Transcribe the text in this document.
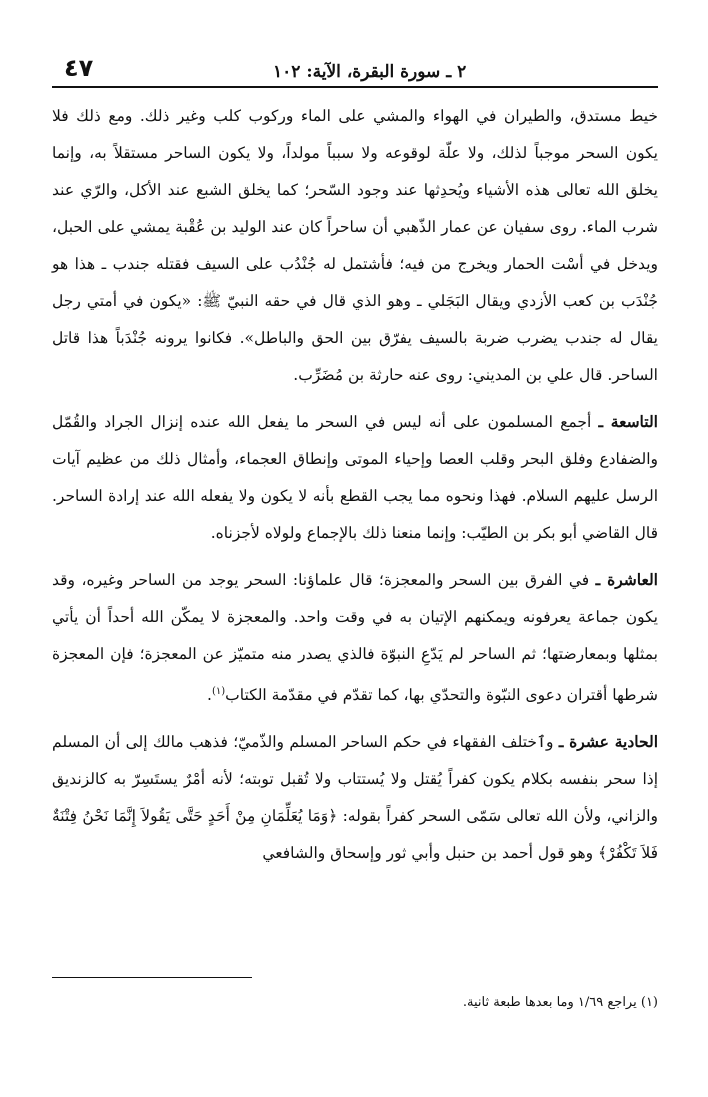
٢ ـ سورة البقرة، الآية: ١٠٢
٤٧

خيط مستدق، والطيران في الهواء والمشي على الماء وركوب كلب وغير ذلك. ومع ذلك فلا يكون السحر موجباً لذلك، ولا علّة لوقوعه ولا سبباً مولداً، ولا يكون الساحر مستقلاً به، وإنما يخلق الله تعالى هذه الأشياء ويُحدِثها عند وجود السّحر؛ كما يخلق الشبع عند الأكل، والرّي عند شرب الماء. روى سفيان عن عمار الذّهبي أن ساحراً كان عند الوليد بن عُقْبة يمشي على الحبل، ويدخل في أسْت الحمار ويخرج من فيه؛ فأشتمل له جُنْدُب على السيف فقتله جندب ـ هذا هو جُنْدَب بن كعب الأزدي ويقال البَجَلي ـ وهو الذي قال في حقه النبيّ ﷺ: «يكون في أمتي رجل يقال له جندب يضرب ضربة بالسيف يفرّق بين الحق والباطل». فكانوا يرونه جُنْدَباً هذا قاتل الساحر. قال علي بن المديني: روى عنه حارثة بن مُضَرِّب.

التاسعة ـ أجمع المسلمون على أنه ليس في السحر ما يفعل الله عنده إنزال الجراد والقُمّل والضفادع وفلق البحر وقلب العصا وإحياء الموتى وإنطاق العجماء، وأمثال ذلك من عظيم آيات الرسل عليهم السلام. فهذا ونحوه مما يجب القطع بأنه لا يكون ولا يفعله الله عند إرادة الساحر. قال القاضي أبو بكر بن الطيّب: وإنما منعنا ذلك بالإجماع ولولاه لأجزناه.

العاشرة ـ في الفرق بين السحر والمعجزة؛ قال علماؤنا: السحر يوجد من الساحر وغيره، وقد يكون جماعة يعرفونه ويمكنهم الإتيان به في وقت واحد. والمعجزة لا يمكّن الله أحداً أن يأتي بمثلها وبمعارضتها؛ ثم الساحر لم يَدّعِ النبوّة فالذي يصدر منه متميّز عن المعجزة؛ فإن المعجزة شرطها أقتران دعوى النبّوة والتحدّي بها، كما تقدّم في مقدّمة الكتاب$^{(١)}$.

الحادية عشرة ـ وٱختلف الفقهاء في حكم الساحر المسلم والذّميّ؛ فذهب مالك إلى أن المسلم إذا سحر بنفسه بكلام يكون كفراً يُقتل ولا يُستتاب ولا تُقبل توبته؛ لأنه أمْرٌ يستَسِرّ به كالزنديق والزاني، ولأن الله تعالى سَمّى السحر كفراً بقوله: ﴿وَمَا يُعَلِّمَانِ مِنْ أَحَدٍ حَتَّى يَقُولاَ إِنَّمَا نَحْنُ فِتْنَةٌ فَلاَ تَكْفُرْ﴾ وهو قول أحمد بن حنبل وأبي ثور وإسحاق والشافعي

(١) يراجع ١/٦٩ وما بعدها طبعة ثانية.
